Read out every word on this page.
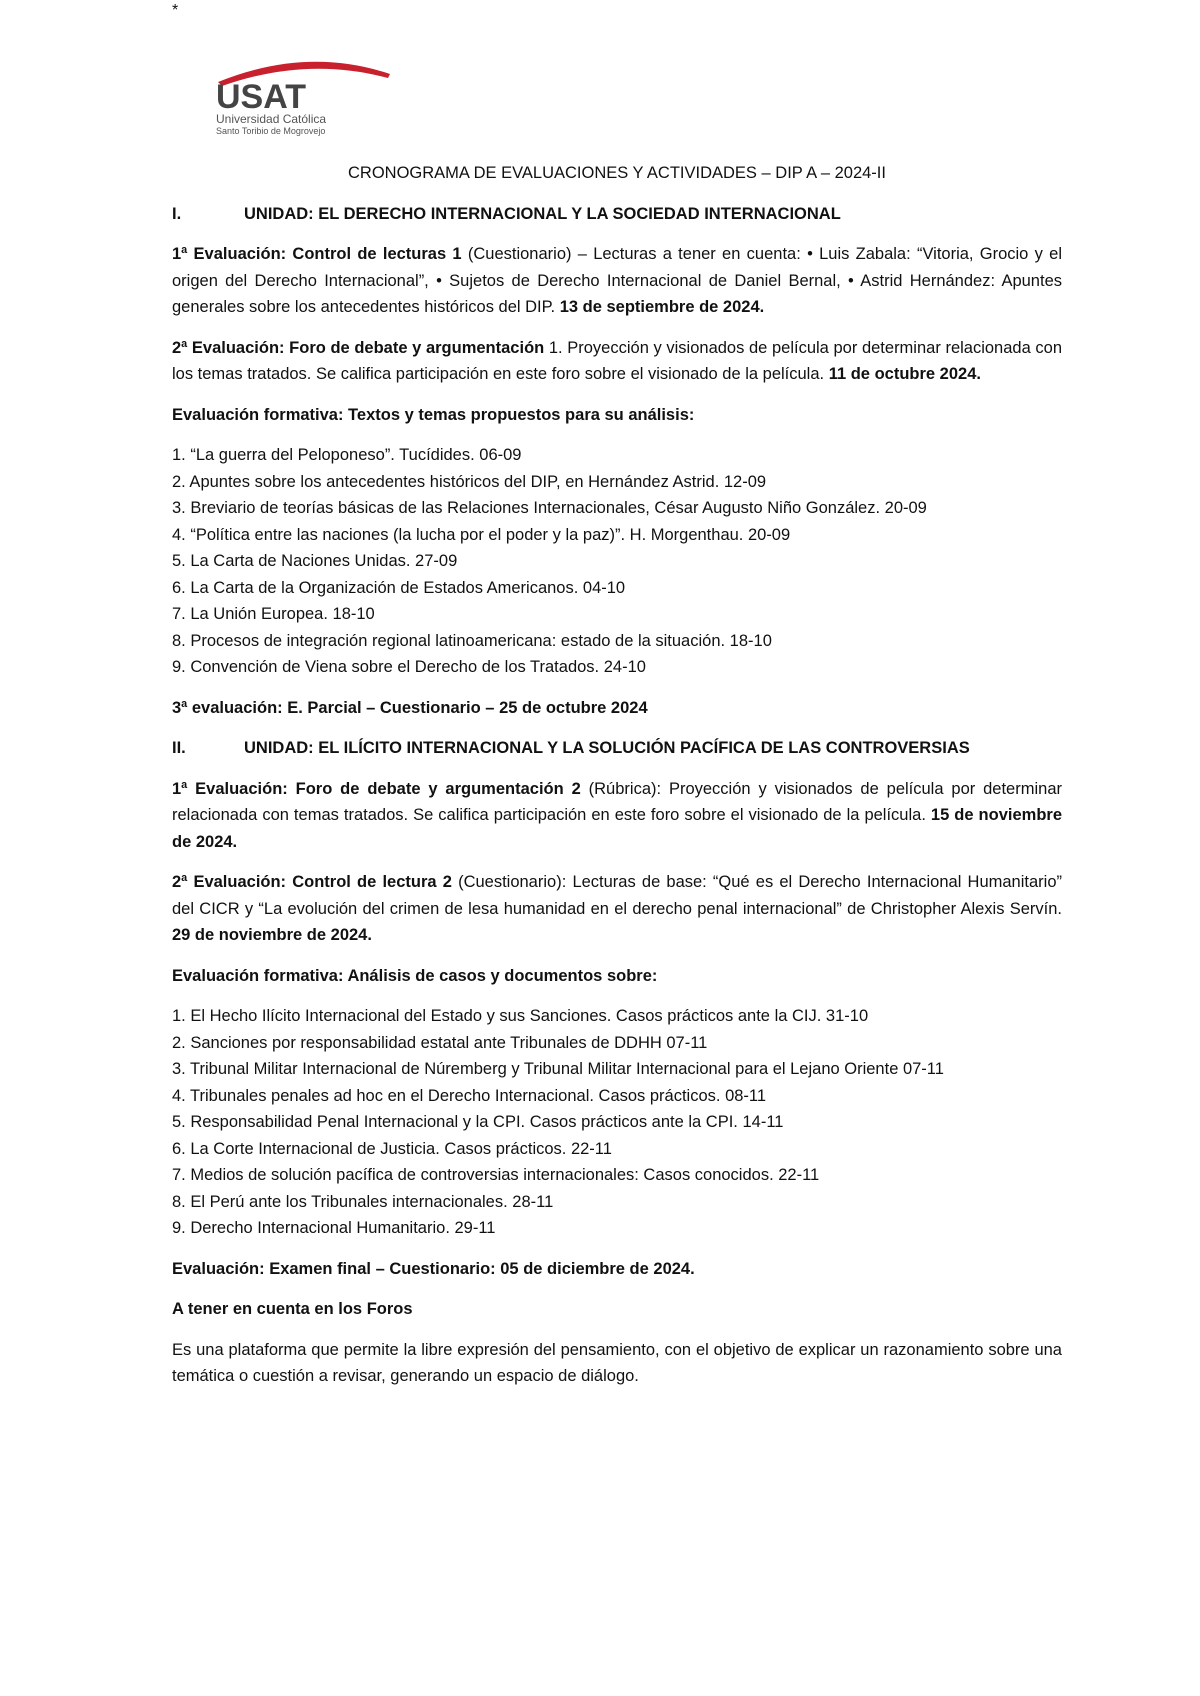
*
USAT
Universidad Católica
Santo Toribio de Mogrovejo
CRONOGRAMA DE EVALUACIONES Y ACTIVIDADES – DIP A – 2024-II
I.	UNIDAD: EL DERECHO INTERNACIONAL Y LA SOCIEDAD INTERNACIONAL

1ª Evaluación: Control de lecturas 1 (Cuestionario) – Lecturas a tener en cuenta: • Luis Zabala: “Vitoria, Grocio y el origen del Derecho Internacional”, • Sujetos de Derecho Internacional de Daniel Bernal, • Astrid Hernández: Apuntes generales sobre los antecedentes históricos del DIP. 13 de septiembre de 2024.

2ª Evaluación: Foro de debate y argumentación 1. Proyección y visionados de película por determinar relacionada con los temas tratados. Se califica participación en este foro sobre el visionado de la película. 11 de octubre 2024.

Evaluación formativa: Textos y temas propuestos para su análisis:

1. “La guerra del Peloponeso”. Tucídides. 06-09
2. Apuntes sobre los antecedentes históricos del DIP, en Hernández Astrid. 12-09
3. Breviario de teorías básicas de las Relaciones Internacionales, César Augusto Niño González. 20-09
4. “Política entre las naciones (la lucha por el poder y la paz)”. H. Morgenthau. 20-09
5. La Carta de Naciones Unidas. 27-09
6. La Carta de la Organización de Estados Americanos. 04-10
7. La Unión Europea. 18-10
8. Procesos de integración regional latinoamericana: estado de la situación. 18-10
9. Convención de Viena sobre el Derecho de los Tratados. 24-10

3ª evaluación: E. Parcial – Cuestionario – 25 de octubre 2024

II.	UNIDAD: EL ILÍCITO INTERNACIONAL Y LA SOLUCIÓN PACÍFICA DE LAS CONTROVERSIAS

1ª Evaluación: Foro de debate y argumentación 2 (Rúbrica): Proyección y visionados de película por determinar relacionada con temas tratados. Se califica participación en este foro sobre el visionado de la película. 15 de noviembre de 2024.

2ª Evaluación: Control de lectura 2 (Cuestionario): Lecturas de base: “Qué es el Derecho Internacional Humanitario” del CICR y “La evolución del crimen de lesa humanidad en el derecho penal internacional” de Christopher Alexis Servín. 29 de noviembre de 2024.

Evaluación formativa: Análisis de casos y documentos sobre:

1. El Hecho Ilícito Internacional del Estado y sus Sanciones. Casos prácticos ante la CIJ. 31-10
2. Sanciones por responsabilidad estatal ante Tribunales de DDHH 07-11
3. Tribunal Militar Internacional de Núremberg y Tribunal Militar Internacional para el Lejano Oriente 07-11
4. Tribunales penales ad hoc en el Derecho Internacional. Casos prácticos. 08-11
5. Responsabilidad Penal Internacional y la CPI. Casos prácticos ante la CPI. 14-11
6. La Corte Internacional de Justicia. Casos prácticos. 22-11
7. Medios de solución pacífica de controversias internacionales: Casos conocidos. 22-11
8. El Perú ante los Tribunales internacionales. 28-11
9. Derecho Internacional Humanitario. 29-11

Evaluación: Examen final – Cuestionario: 05 de diciembre de 2024.

A tener en cuenta en los Foros

Es una plataforma que permite la libre expresión del pensamiento, con el objetivo de explicar un razonamiento sobre una temática o cuestión a revisar, generando un espacio de diálogo.
